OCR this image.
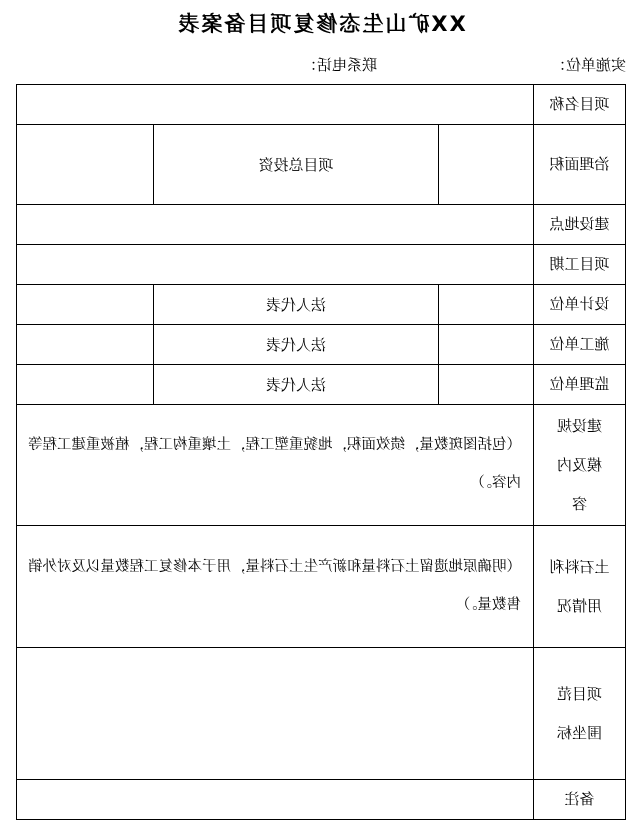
XX矿山生态修复项目备案表
实施单位：
联系电话：
项目名称			
治理面积		项目总投资	
建设地点			
项目工期			
设计单位		法人代表	
施工单位		法人代表	
监理单位		法人代表	
建设规模及内容	（包括图斑数量，绩效面积，地貌重塑工程，土壤重构工程，植被重建工程等内容。）		
土石料利用情况	（明确原地遗留土石料量和新产生土石料量，用于本修复工程数量以及对外销售数量。）		
项目范围坐标			
备注			
